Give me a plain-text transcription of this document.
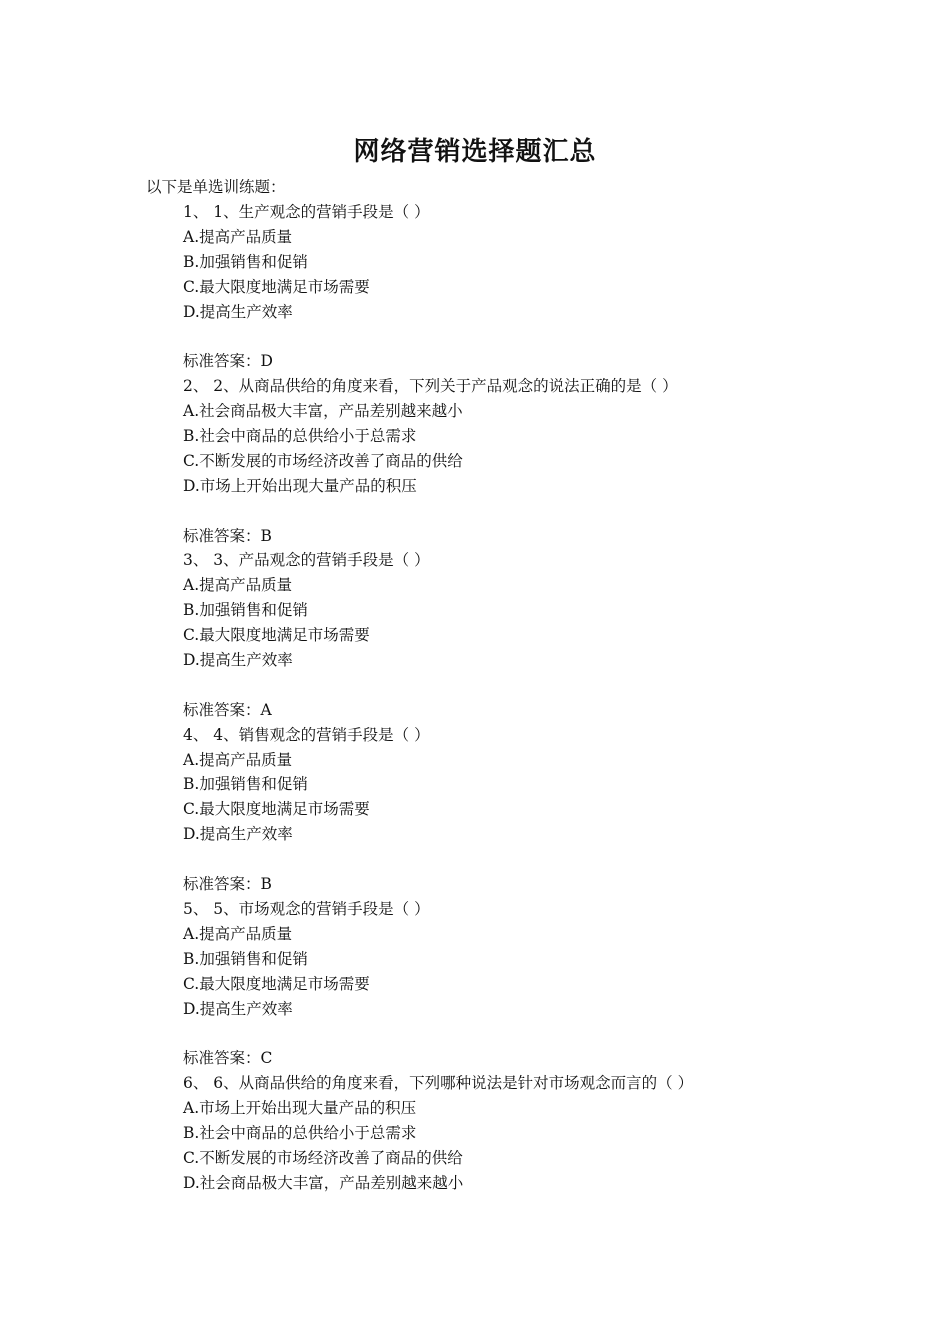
网络营销选择题汇总
以下是单选训练题：
1、 1、生产观念的营销手段是（ ）
A.提高产品质量
B.加强销售和促销
C.最大限度地满足市场需要
D.提高生产效率
标准答案：D
2、 2、从商品供给的角度来看，下列关于产品观念的说法正确的是（ ）
A.社会商品极大丰富，产品差别越来越小
B.社会中商品的总供给小于总需求
C.不断发展的市场经济改善了商品的供给
D.市场上开始出现大量产品的积压
标准答案：B
3、 3、产品观念的营销手段是（ ）
A.提高产品质量
B.加强销售和促销
C.最大限度地满足市场需要
D.提高生产效率
标准答案：A
4、 4、销售观念的营销手段是（ ）
A.提高产品质量
B.加强销售和促销
C.最大限度地满足市场需要
D.提高生产效率
标准答案：B
5、 5、市场观念的营销手段是（ ）
A.提高产品质量
B.加强销售和促销
C.最大限度地满足市场需要
D.提高生产效率
标准答案：C
6、 6、从商品供给的角度来看，下列哪种说法是针对市场观念而言的（ ）
A.市场上开始出现大量产品的积压
B.社会中商品的总供给小于总需求
C.不断发展的市场经济改善了商品的供给
D.社会商品极大丰富，产品差别越来越小
